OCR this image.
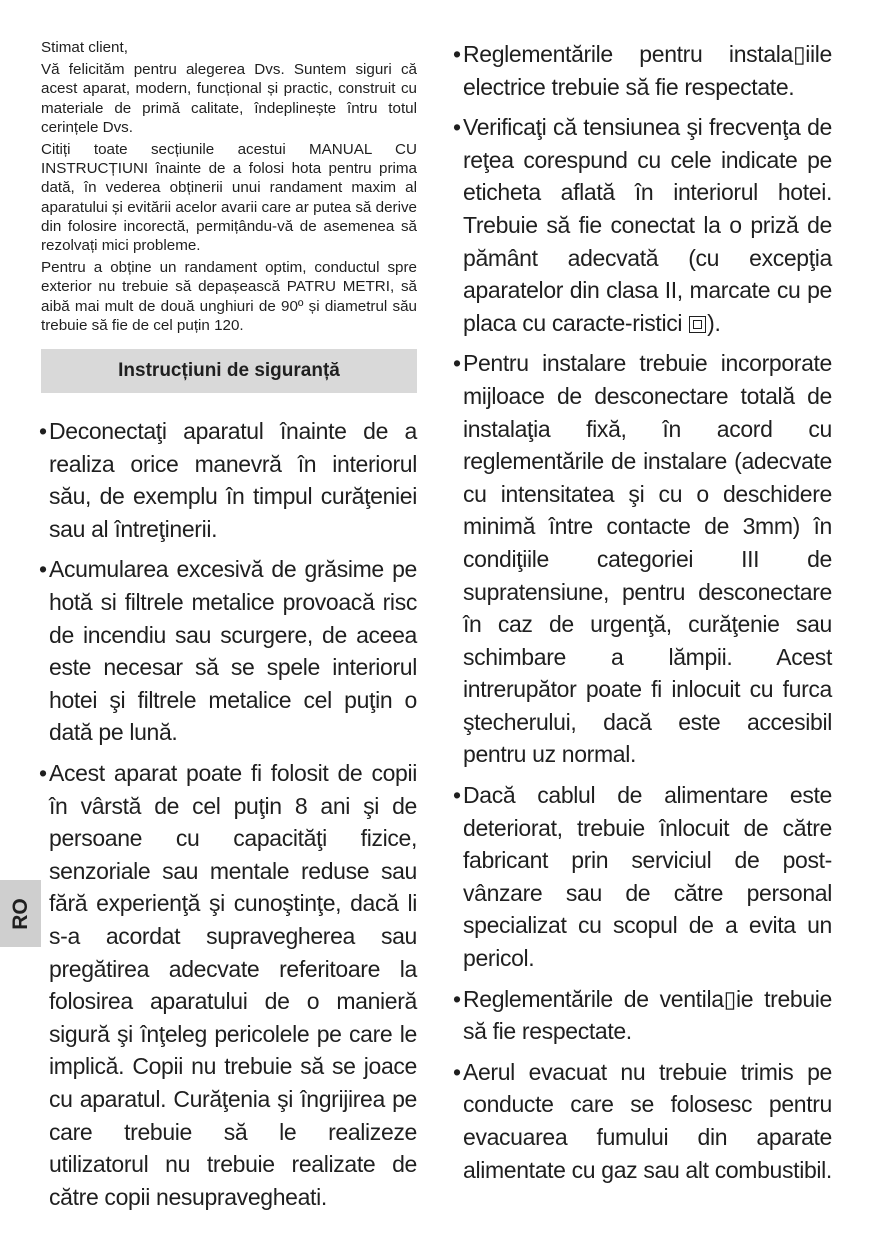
Stimat client,

Vă felicităm pentru alegerea Dvs. Suntem siguri că acest aparat, modern, funcțional și practic, construit cu materiale de primă calitate, îndeplinește întru totul cerințele Dvs.

Citiți toate secțiunile acestui MANUAL CU INSTRUCȚIUNI înainte de a folosi hota pentru prima dată, în vederea obținerii unui randament maxim al aparatului și evitării acelor avarii care ar putea să derive din folosire incorectă, permițându-vă de asemenea să rezolvați mici probleme.

Pentru a obține un randament optim, conductul spre exterior nu trebuie să depașească PATRU METRI, să aibă mai mult de două unghiuri de 90º și diametrul său trebuie să fie de cel puțin 120.

Instrucțiuni de siguranță
• Deconectaţi aparatul înainte de a realiza orice manevră în interiorul său, de exemplu în timpul curăţeniei sau al întreţinerii.
• Acumularea excesivă de grăsime pe hotă si filtrele metalice provoacă risc de incendiu sau scurgere, de aceea este necesar să se spele interiorul hotei şi filtrele metalice cel puţin o dată pe lună.
• Acest aparat poate fi folosit de copii în vârstă de cel puţin 8 ani şi de persoane cu capacităţi fizice, senzoriale sau mentale reduse sau fără experienţă şi cunoştinţe, dacă li s-a acordat supravegherea sau pregătirea adecvate referitoare la folosirea aparatului de o manieră sigură şi înţeleg pericolele pe care le implică. Copii nu trebuie să se joace cu aparatul. Curăţenia şi îngrijirea pe care trebuie să le realizeze utilizatorul nu trebuie realizate de către copii nesupravegheati.
• Reglementările pentru instala▯iile electrice trebuie să fie respectate.
• Verificaţi că tensiunea şi frecvenţa de reţea corespund cu cele indicate pe eticheta aflată în interiorul hotei. Trebuie să fie conectat la o priză de pământ adecvată (cu excepţia aparatelor din clasa II, marcate cu pe placa cu caracte-ristici ).
• Pentru instalare trebuie incorporate mijloace de desconectare totală de instalaţia fixă, în acord cu reglementările de instalare (adecvate cu intensitatea şi cu o deschidere minimă între contacte de 3mm) în condiţiile categoriei III de supratensiune, pentru desconectare în caz de urgenţă, curăţenie sau schimbare a lămpii. Acest intrerupător poate fi inlocuit cu furca ştecherului, dacă este accesibil pentru uz normal.
• Dacă cablul de alimentare este deteriorat, trebuie înlocuit de către fabricant prin serviciul de post-vânzare sau de către personal specializat cu scopul de a evita un pericol.
• Reglementările de ventila▯ie trebuie să fie respectate.
• Aerul evacuat nu trebuie trimis pe conducte care se folosesc pentru evacuarea fumului din aparate alimentate cu gaz sau alt combustibil.
RO
